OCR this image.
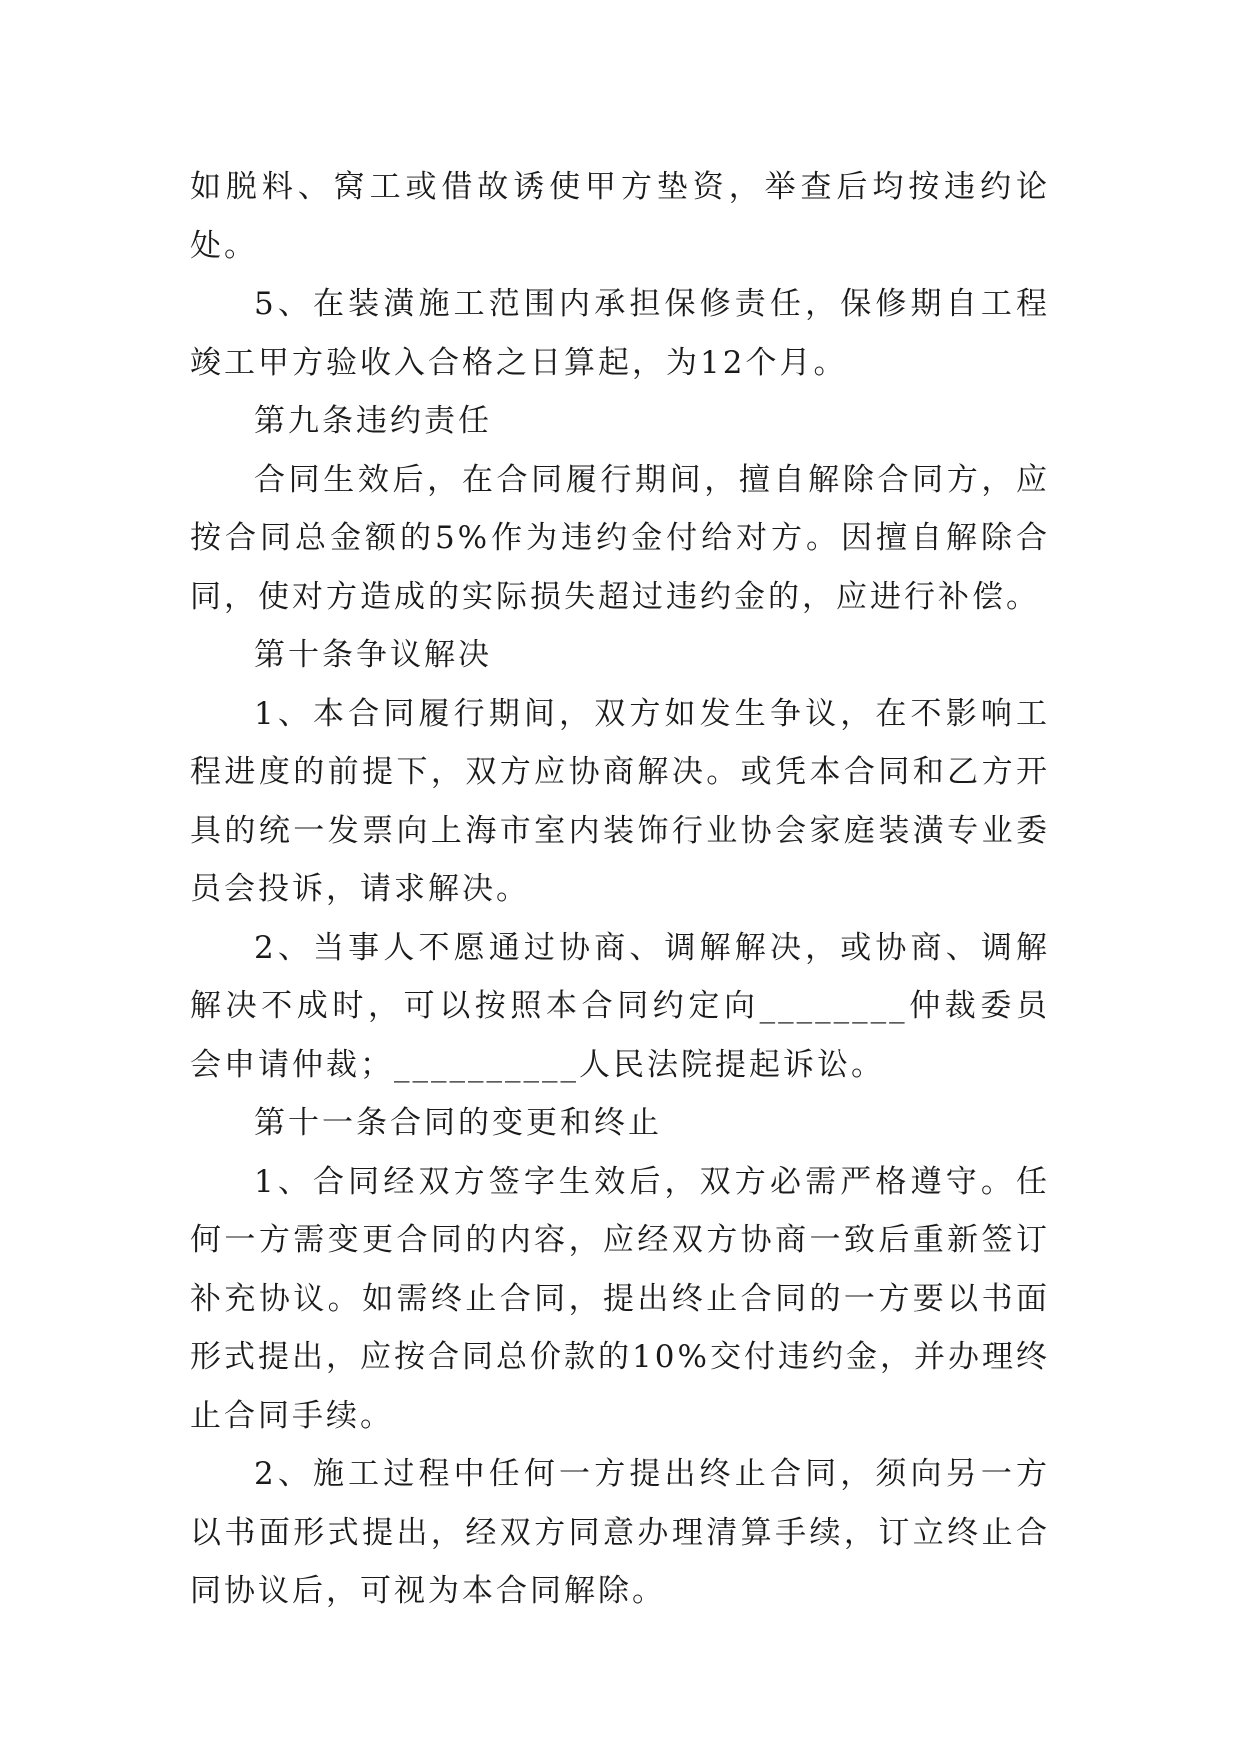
如脱料、窝工或借故诱使甲方垫资，举查后均按违约论处。

5、在装潢施工范围内承担保修责任，保修期自工程竣工甲方验收入合格之日算起，为12个月。

第九条违约责任

合同生效后，在合同履行期间，擅自解除合同方，应按合同总金额的5%作为违约金付给对方。因擅自解除合同，使对方造成的实际损失超过违约金的，应进行补偿。

第十条争议解决

1、本合同履行期间，双方如发生争议，在不影响工程进度的前提下，双方应协商解决。或凭本合同和乙方开具的统一发票向上海市室内装饰行业协会家庭装潢专业委员会投诉，请求解决。

2、当事人不愿通过协商、调解解决，或协商、调解解决不成时，可以按照本合同约定向________仲裁委员会申请仲裁；__________人民法院提起诉讼。

第十一条合同的变更和终止

1、合同经双方签字生效后，双方必需严格遵守。任何一方需变更合同的内容，应经双方协商一致后重新签订补充协议。如需终止合同，提出终止合同的一方要以书面形式提出，应按合同总价款的10%交付违约金，并办理终止合同手续。

2、施工过程中任何一方提出终止合同，须向另一方以书面形式提出，经双方同意办理清算手续，订立终止合同协议后，可视为本合同解除。
